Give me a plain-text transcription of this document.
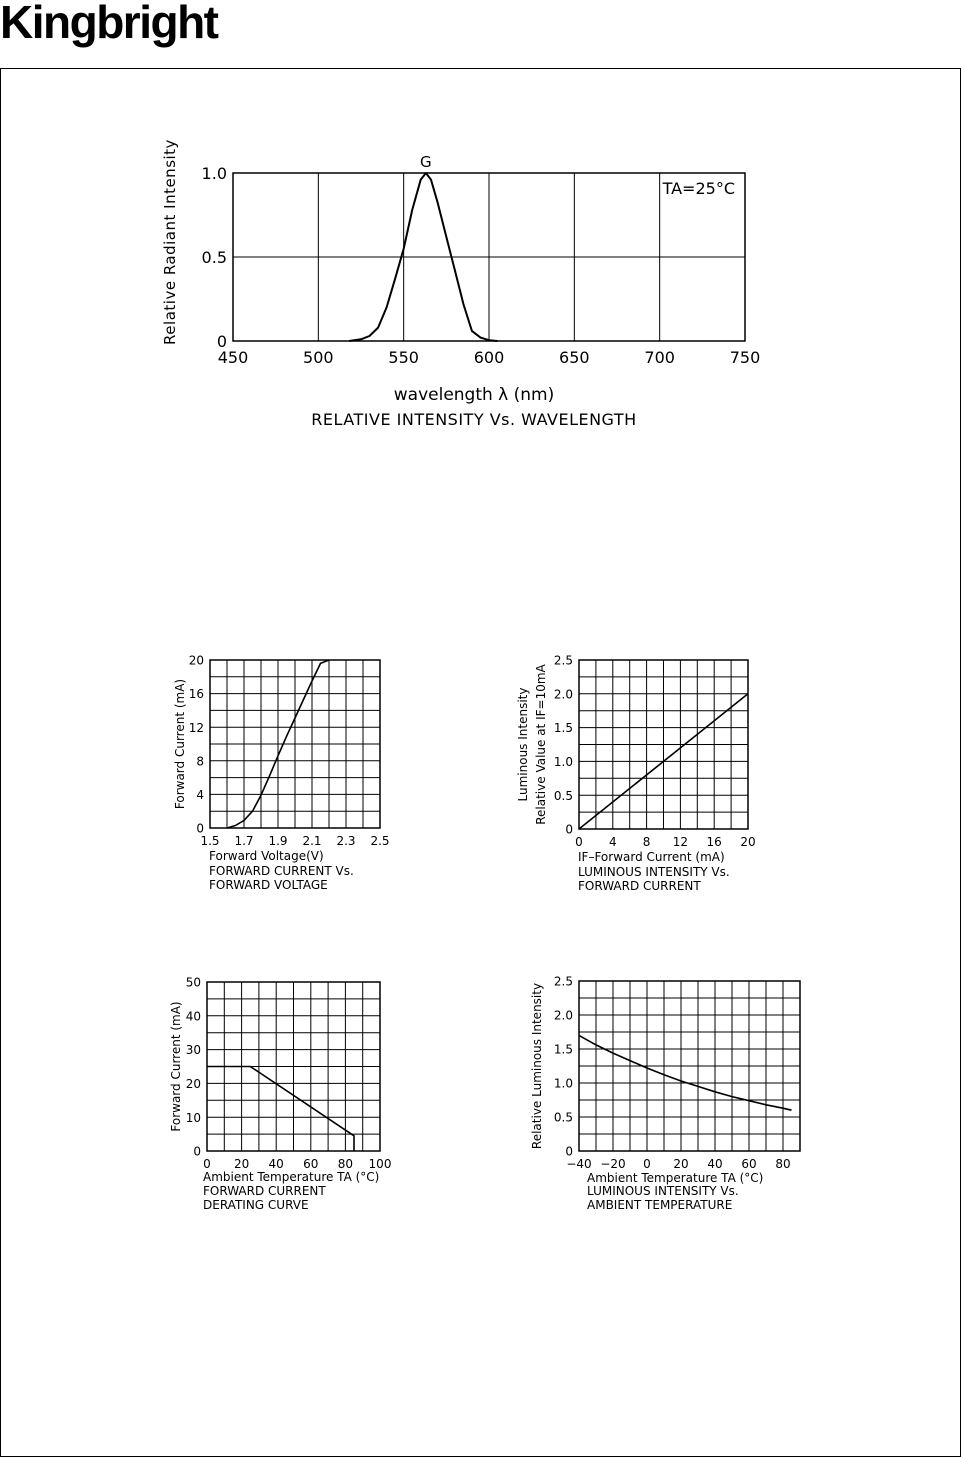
Kingbright
450	500	550	600	650	700	750
0
0.5
1.0
wavelength λ (nm)
RELATIVE INTENSITY Vs. WAVELENGTH
Relative Radiant Intensity	G
TA=25°C
1.5 1.7 1.9 2.1 2.3 2.5
0
4
8
12
16
20
Forward Voltage(V)
FORWARD CURRENT Vs.
FORWARD VOLTAGE
Forward Current (mA)
0 4 8 12 16 20
0
0.5
1.0
1.5
2.0
2.5
IF–Forward Current (mA)
LUMINOUS INTENSITY Vs.
FORWARD CURRENT
Luminous Intensity Relative Value at IF=10mA
0 20 40 60 80 100
0
10
20
30
40
50
Ambient Temperature TA (°C)
FORWARD CURRENT
DERATING CURVE
Forward Current (mA)
−40 −20 0 20 40 60 80
0
0.5
1.0
1.5
2.0
2.5
Ambient Temperature TA (°C)
LUMINOUS INTENSITY Vs.
AMBIENT TEMPERATURE
Relative Luminous Intensity
